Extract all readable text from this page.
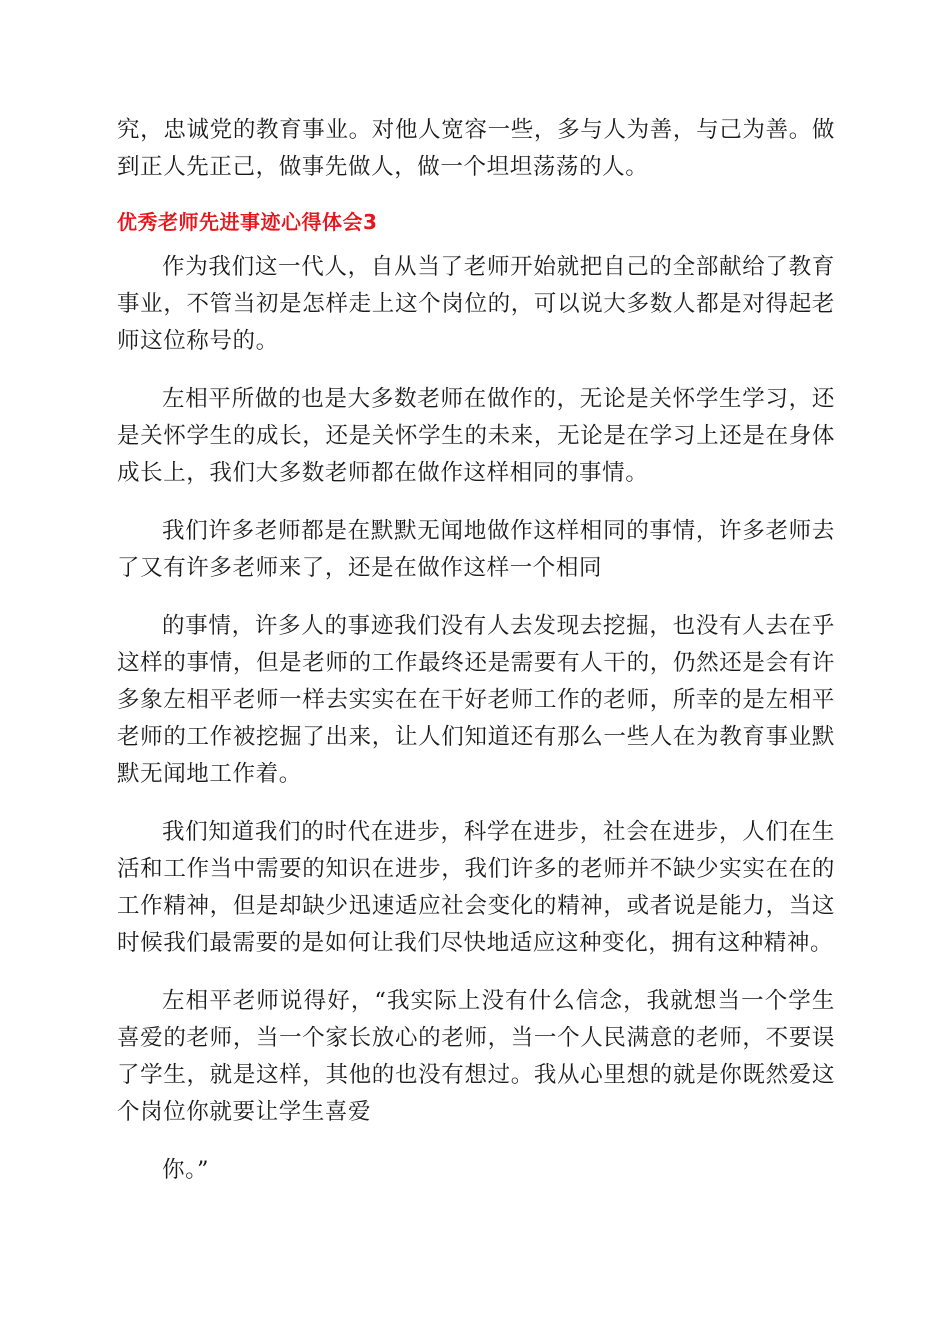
究，忠诚党的教育事业。对他人宽容一些，多与人为善，与己为善。做到正人先正己，做事先做人，做一个坦坦荡荡的人。

优秀老师先进事迹心得体会3

作为我们这一代人，自从当了老师开始就把自己的全部献给了教育事业，不管当初是怎样走上这个岗位的，可以说大多数人都是对得起老师这位称号的。

左相平所做的也是大多数老师在做作的，无论是关怀学生学习，还是关怀学生的成长，还是关怀学生的未来，无论是在学习上还是在身体成长上，我们大多数老师都在做作这样相同的事情。

我们许多老师都是在默默无闻地做作这样相同的事情，许多老师去了又有许多老师来了，还是在做作这样一个相同

的事情，许多人的事迹我们没有人去发现去挖掘，也没有人去在乎这样的事情，但是老师的工作最终还是需要有人干的，仍然还是会有许多象左相平老师一样去实实在在干好老师工作的老师，所幸的是左相平老师的工作被挖掘了出来，让人们知道还有那么一些人在为教育事业默默无闻地工作着。

我们知道我们的时代在进步，科学在进步，社会在进步，人们在生活和工作当中需要的知识在进步，我们许多的老师并不缺少实实在在的工作精神，但是却缺少迅速适应社会变化的精神，或者说是能力，当这时候我们最需要的是如何让我们尽快地适应这种变化，拥有这种精神。

左相平老师说得好，“我实际上没有什么信念，我就想当一个学生喜爱的老师，当一个家长放心的老师，当一个人民满意的老师，不要误了学生，就是这样，其他的也没有想过。我从心里想的就是你既然爱这个岗位你就要让学生喜爱

你。”
